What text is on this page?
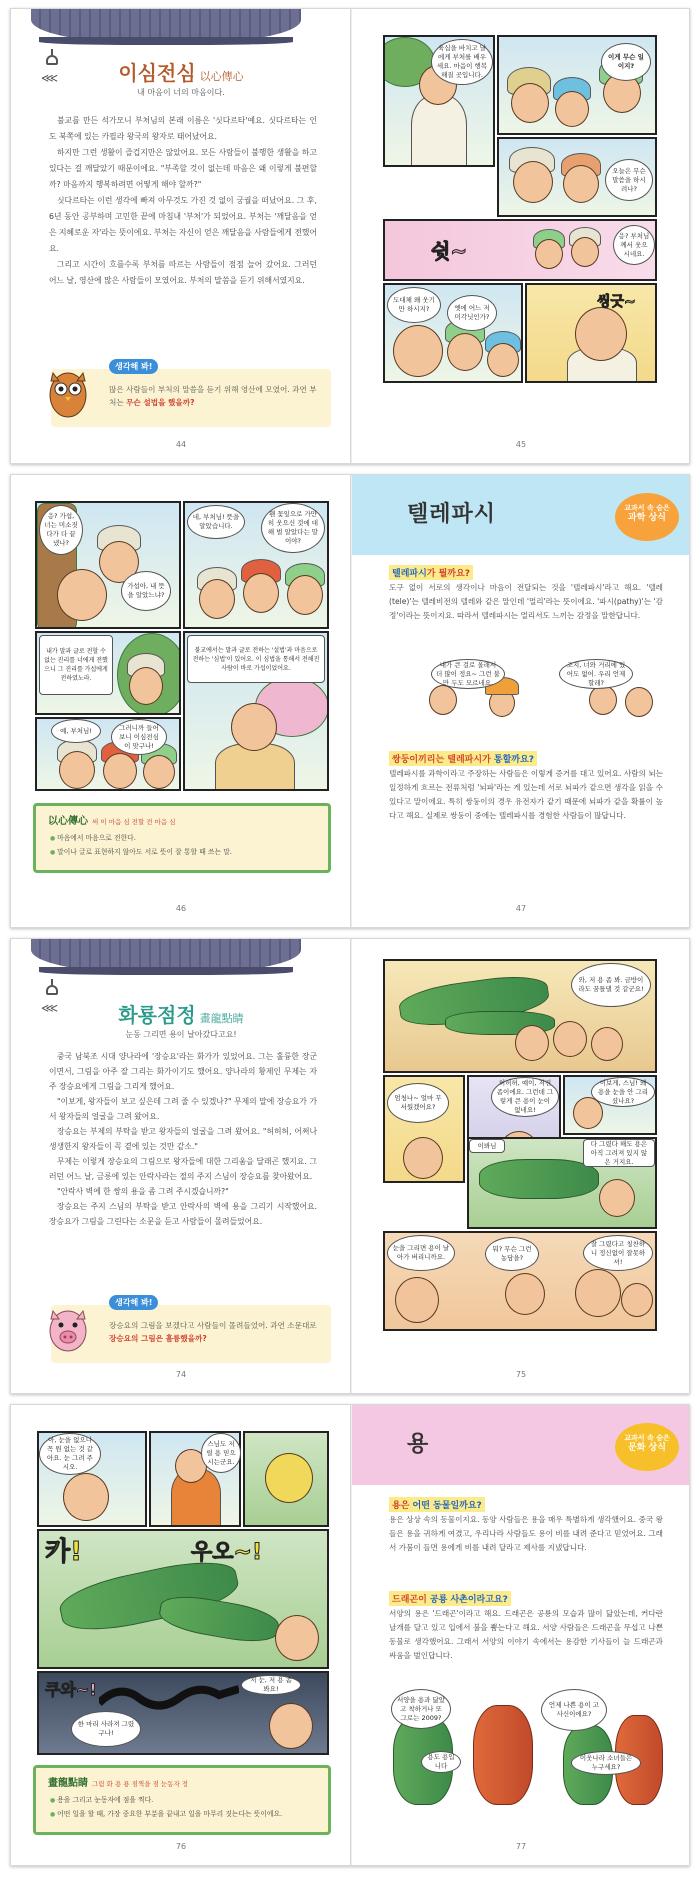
⋘	이심전심 以心傳心
내 마음이 너의 마음이다.

불교를 만든 석가모니 부처님의 본래 이름은 '싯다르타'예요. 싯다르타는 인도 북쪽에 있는 카필라 왕국의 왕자로 태어났어요.

하지만 그런 생활이 즐겁지만은 않았어요. 모든 사람들이 불행한 생활을 하고 있다는 걸 깨달았기 때문이에요. "부족할 것이 없는데 마음은 왜 이렇게 불편할까? 마음까지 행복하려면 어떻게 해야 할까?"

싯다르타는 이런 생각에 빠져 아무것도 가진 것 없이 궁궐을 떠났어요. 그 후, 6년 동안 공부하며 고민한 끝에 마침내 '부처'가 되었어요. 부처는 '깨달음을 얻은 지혜로운 자'라는 뜻이에요. 부처는 자신이 얻은 깨달음을 사람들에게 전했어요.

그리고 시간이 흐를수록 부처를 따르는 사람들이 점점 늘어 갔어요. 그러던 어느 날, 영산에 많은 사람들이 모였어요. 부처의 말씀을 듣기 위해서였지요.

생각해 봐!
많은 사람들이 부처의 말씀을 듣기 위해 영산에 모였어. 과연 부처는 무슨 설법을 했을까?
44
육십을 바치고 날에게 부처를 배우세요. 마음이 행복해질 곳입니다.
이게 무슨 일이지?
오늘은 무슨 말씀을 하시려나?
쉿~
응? 부처님께서 웃으시네요.
도대체 왜 웃기만 하시지?	옛에 어느 저 미각닛인가?
씽긋~
45
응? 가섭, 너는 미소짓다가 다 끝냈나?
가섭아, 내 뜻을 알았느냐?
네, 부처님! 뜻을 알았습니다.
왠 꽃잎으로 가만히 웃으신 것에 대해 벌 알았다는 말이야?
내가 말과 글로 전할 수 없는 진리를 너에게 전했으니 그 진리를 가섭에게 전하였노라.
불교에서는 말과 글로 전하는 '설법'과 마음으로 전하는 '심법'이 있어요. 이 심법을 통해서 전해진 사람이 바로 가섭이었어요.
예, 부처님!	그러니까 들어보니 이심전심이 맞구나!
以心傳心 써 이 마음 심 전할 전 마음 심
● 마음에서 마음으로 전한다.
● 말이나 글로 표현하지 않아도 서로 뜻이 잘 통할 때 쓰는 말.
46
텔레파시	교과서 속 숨은
과학 상식
텔레파시가 뭘까요?
도구 없이 서로의 생각이나 마음이 전달되는 것을 '텔레파시'라고 해요. '텔레(tele)'는 텔레비전의 텔레와 같은 말인데 '멀리'라는 뜻이에요. '파시(pathy)'는 '감정'이라는 뜻이지요. 따라서 텔레파시는 멀리서도 느끼는 감정을 말한답니다.
내가 큰 걸로 올래서 더 많이 정요~ 그런 불만 두도 모르네요.
조지, 너와 거리에 있어도 없어. 우리 언제 할래?
쌍둥이끼리는 텔레파시가 통할까요?
텔레파시를 과학이라고 주장하는 사람들은 이렇게 증거를 대고 있어요. 사람의 뇌는 일정하게 흐르는 전류처럼 '뇌파'라는 게 있는데 서로 뇌파가 같으면 생각을 읽을 수 있다고 말이에요. 특히 쌍둥이의 경우 유전자가 같기 때문에 뇌파가 같을 확률이 높다고 해요. 실제로 쌍둥이 중에는 텔레파시를 경험한 사람들이 많답니다.
47
⋘	화룡점정 畫龍點睛
눈동 그리면 용이 날아갔다고요!

중국 남북조 시대 양나라에 '장승요'라는 화가가 있었어요. 그는 훌륭한 장군이면서, 그림을 아주 잘 그리는 화가이기도 했어요. 양나라의 황제인 무제는 자주 장승요에게 그림을 그리게 했어요.

"이보게, 왕자들이 보고 싶은데 그려 줄 수 있겠나?" 무제의 말에 장승요가 가서 왕자들의 얼굴을 그려 왔어요.

장승요는 부제의 부탁을 받고 왕자들의 얼굴을 그려 왔어요. "허허허, 어쩌나 생생한지 왕자들이 꼭 곁에 있는 것만 같소."

무제는 이렇게 장승요의 그림으로 왕자들에 대한 그리움을 달래곤 했지요. 그러던 어느 날, 금릉에 있는 안락사라는 절의 주지 스님이 장승요를 찾아왔어요.

"안락사 벽에 한 쌍의 용을 좀 그려 주시겠습니까?"

장승요는 주지 스님의 부탁을 받고 안락사의 벽에 용을 그리기 시작했어요. 장승요가 그림을 그린다는 소문을 듣고 사람들이 몰려들었어요.

생각해 봐!
장승요의 그림을 보겠다고 사람들이 몰려들었어. 과연 소문대로 장승요의 그림은 훌륭했을까?
74
와, 저 용 좀 봐. 금방이라도 꿈틀댈 것 같군요!
엄청나~ 얼마 무서웠겠어요?
허허허, 예이, 저건 좀이에요. 그런데 그렇게 큰 용이 눈이 없네요!
이보게, 스님! 왜 용을 눈을 안 그리셨나요?
이봐님	다 그렸다 해도 용은 아직 그려져 있지 않은 거지요.
눈을 그리면 용이 날아가 버리니까요.
뭐? 무슨 그런 농담을?
잘 그렸다고 칭찬하니 정신없이 잘못하셔!
75
아, 눈을 없으니 꼭 뭔 없는 것 같아요. 눈 그려 주시오.
스님도 저럴 용 믿으시는군요.
카!	우오~!
쿠와~!	저 눈, 저 용 좀 봐요!
한 마리 사라져 그렸구나!
畫龍點睛 그림 화 용 룡 점찍을 점 눈동자 정
● 용을 그리고 눈동자에 점을 찍다.
● 어떤 일을 할 때, 가장 중요한 부분을 끝내고 일을 마무리 짓는다는 뜻이에요.
76
용	교과서 속 숨은
문화 상식
용은 어떤 동물일까요?
용은 상상 속의 동물이지요. 동양 사람들은 용을 매우 특별하게 생각했어요. 중국 왕들은 용을 귀하게 여겼고, 우리나라 사람들도 용이 비를 내려 준다고 믿었어요. 그래서 가뭄이 들면 용에게 비를 내려 달라고 제사를 지냈답니다.
드래곤이 공룡 사촌이라고요?
서양의 용은 '드래곤'이라고 해요. 드래곤은 공룡의 모습과 많이 닮았는데, 커다란 날개를 달고 있고 입에서 불을 뿜는다고 해요. 서양 사람들은 드래곤을 무섭고 나쁜 동물로 생각했어요. 그래서 서양의 이야기 속에서는 용감한 기사들이 늘 드래곤과 싸움을 벌인답니다.
서양을 용과 닮았고 착하거나 또 그로는 2009?
용도 용입니다
언제 나쁜 용이 고사신이에요?
이웃나라 소녀들은 누구세요?
77
